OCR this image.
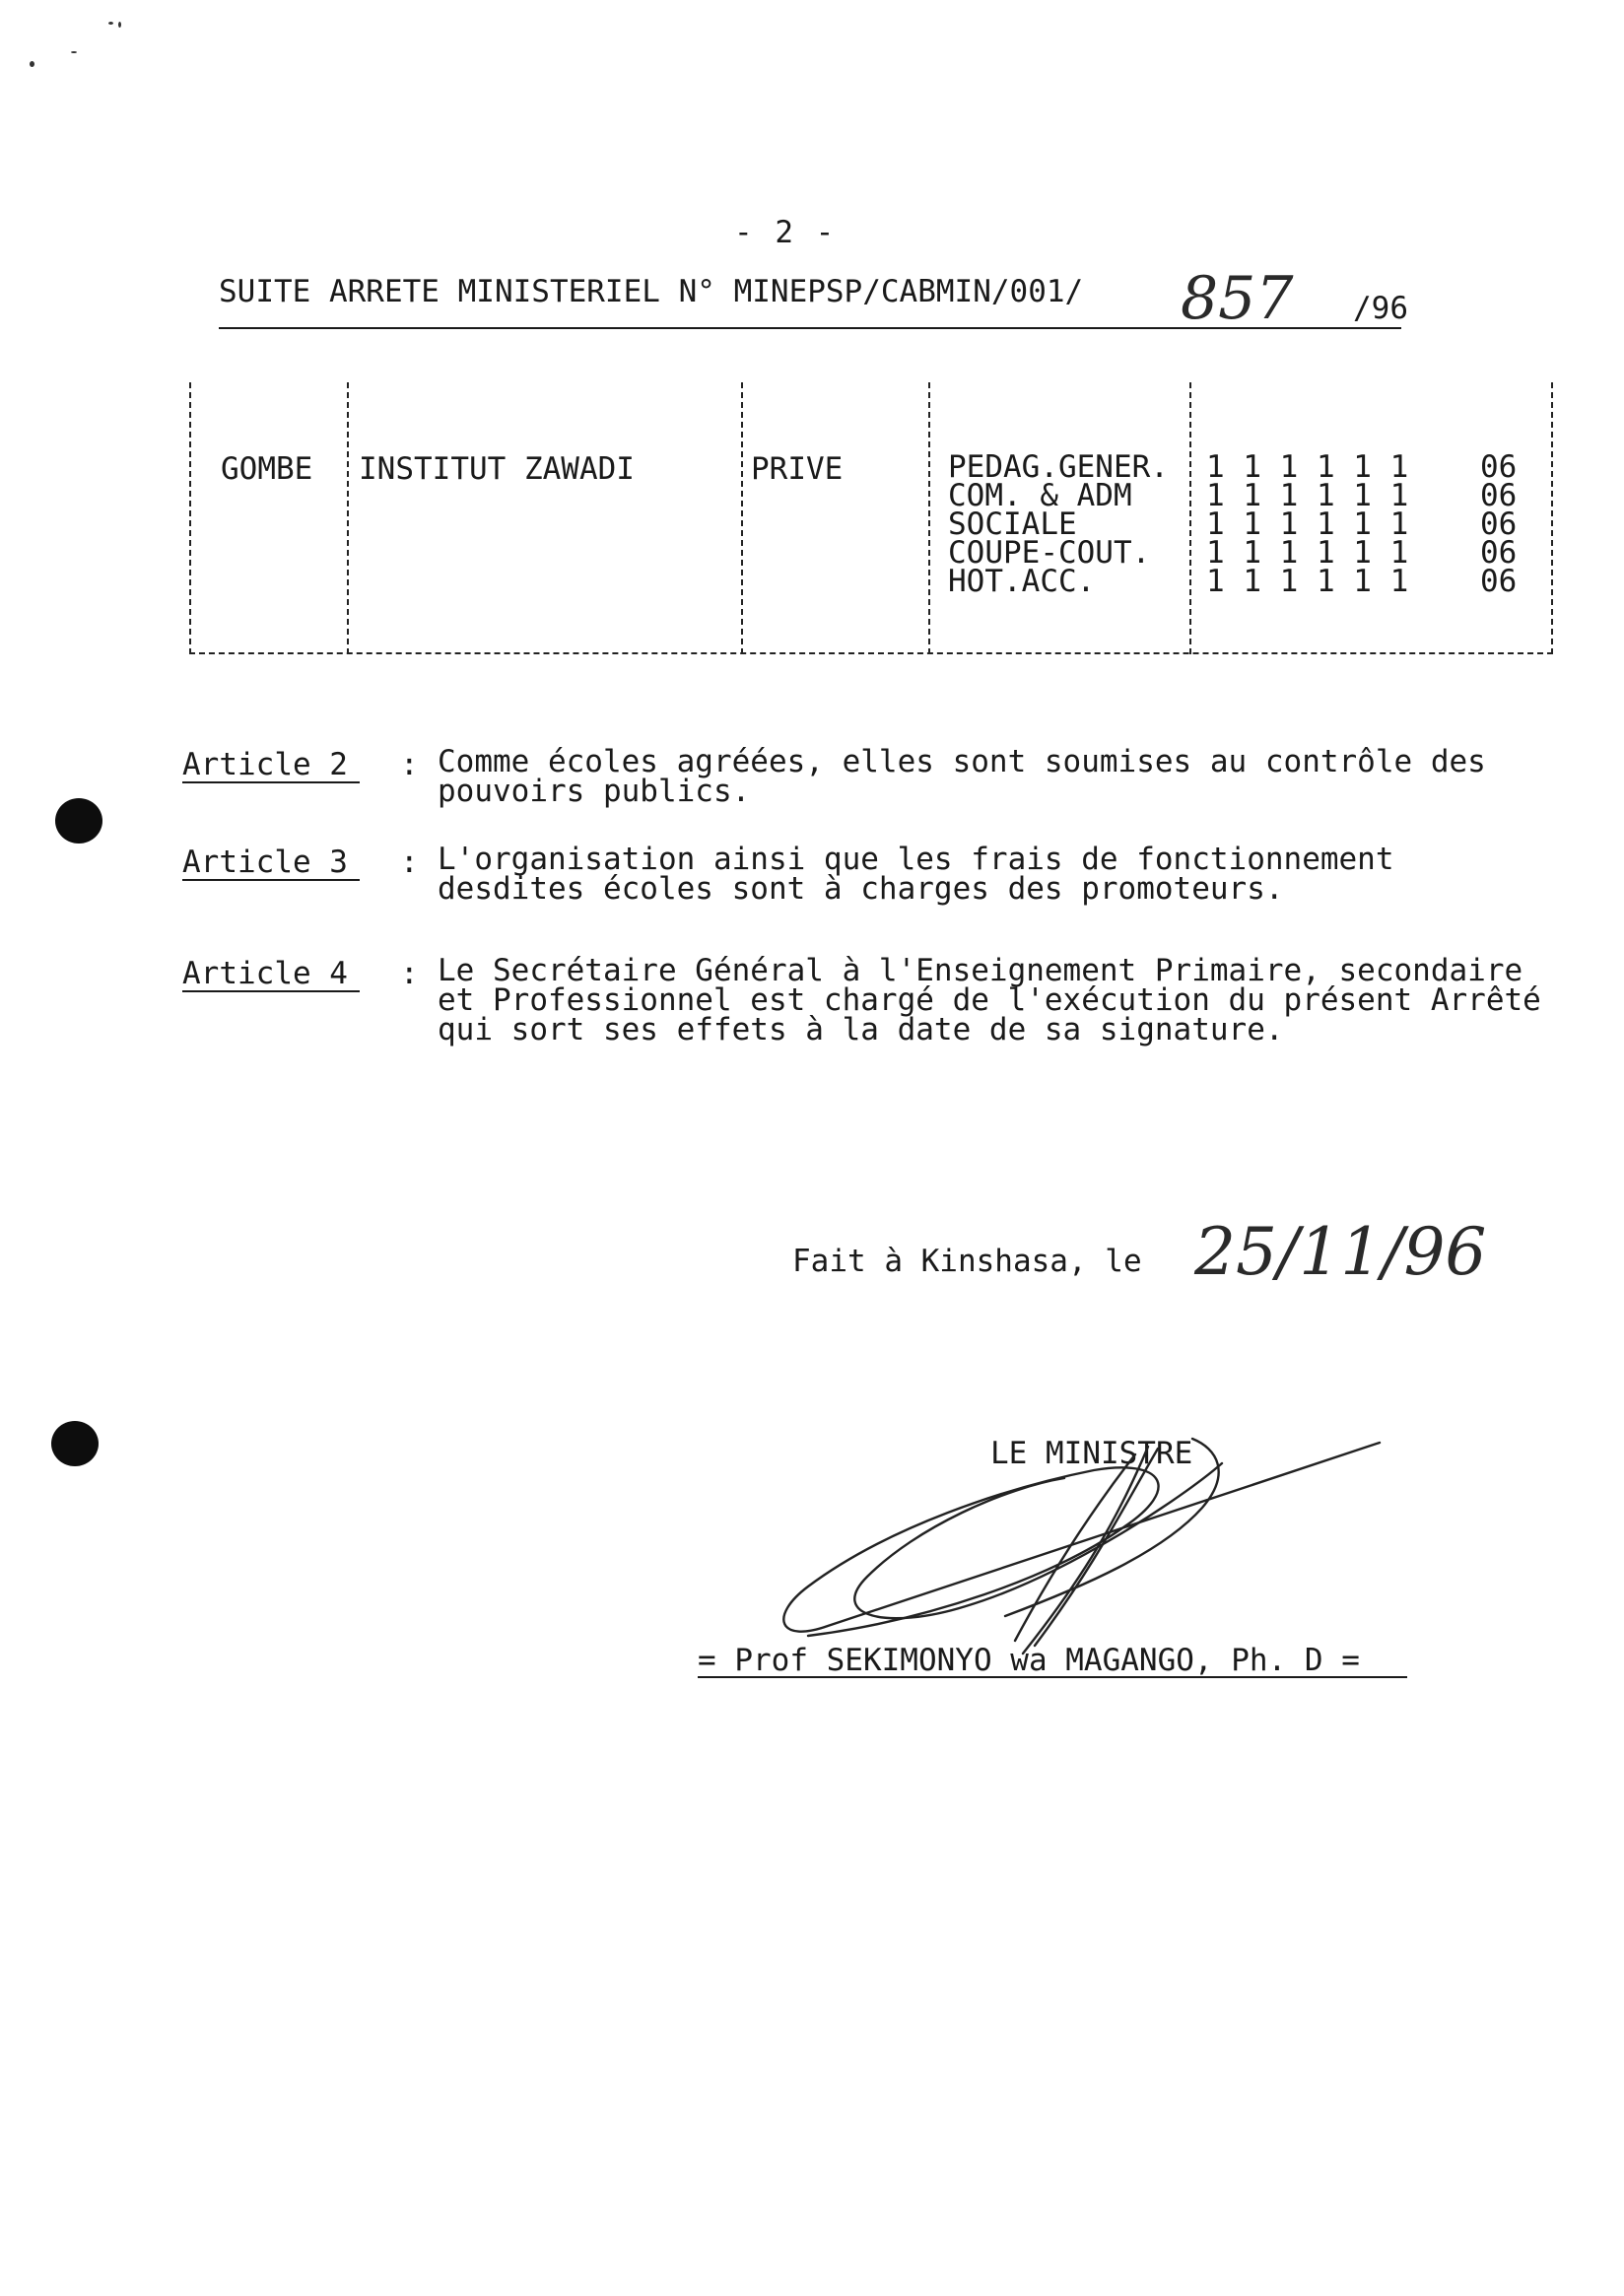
- 2 -
SUITE ARRETE MINISTERIEL N° MINEPSP/CABMIN/001/ 857 /96
GOMBE INSTITUT ZAWADI	PRIVE	PEDAG.GENER.
COM. & ADM
SOCIALE
COUPE-COUT.
HOT.ACC.
1 1 1 1 1 1
1 1 1 1 1 1
1 1 1 1 1 1
1 1 1 1 1 1
1 1 1 1 1 1
06
06
06
06
06
Article 2 : Comme écoles agréées, elles sont soumises au contrôle des pouvoirs publics.
Article 3 : L'organisation ainsi que les frais de fonctionnement desdites écoles sont à charges des promoteurs.
Article 4 : Le Secrétaire Général à l'Enseignement Primaire, secondaire et Professionnel est chargé de l'exécution du présent Arrêté qui sort ses effets à la date de sa signature.
Fait à Kinshasa, le 25/11/96
LE MINISTRE
= Prof SEKIMONYO wa MAGANGO, Ph. D =
